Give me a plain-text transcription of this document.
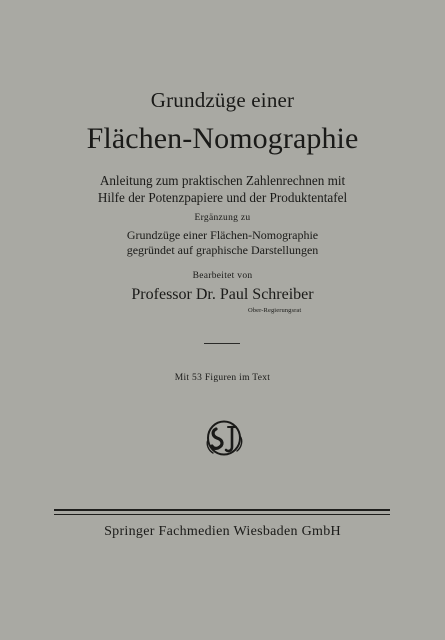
Grundzüge einer
Flächen-Nomographie
Anleitung zum praktischen Zahlenrechnen mit
Hilfe der Potenzpapiere und der Produktentafel
Ergänzung zu
Grundzüge einer Flächen-Nomographie
gegründet auf graphische Darstellungen
Bearbeitet von
Professor Dr. Paul Schreiber
Ober-Regierungsrat
Mit 53 Figuren im Text
Springer Fachmedien Wiesbaden GmbH
